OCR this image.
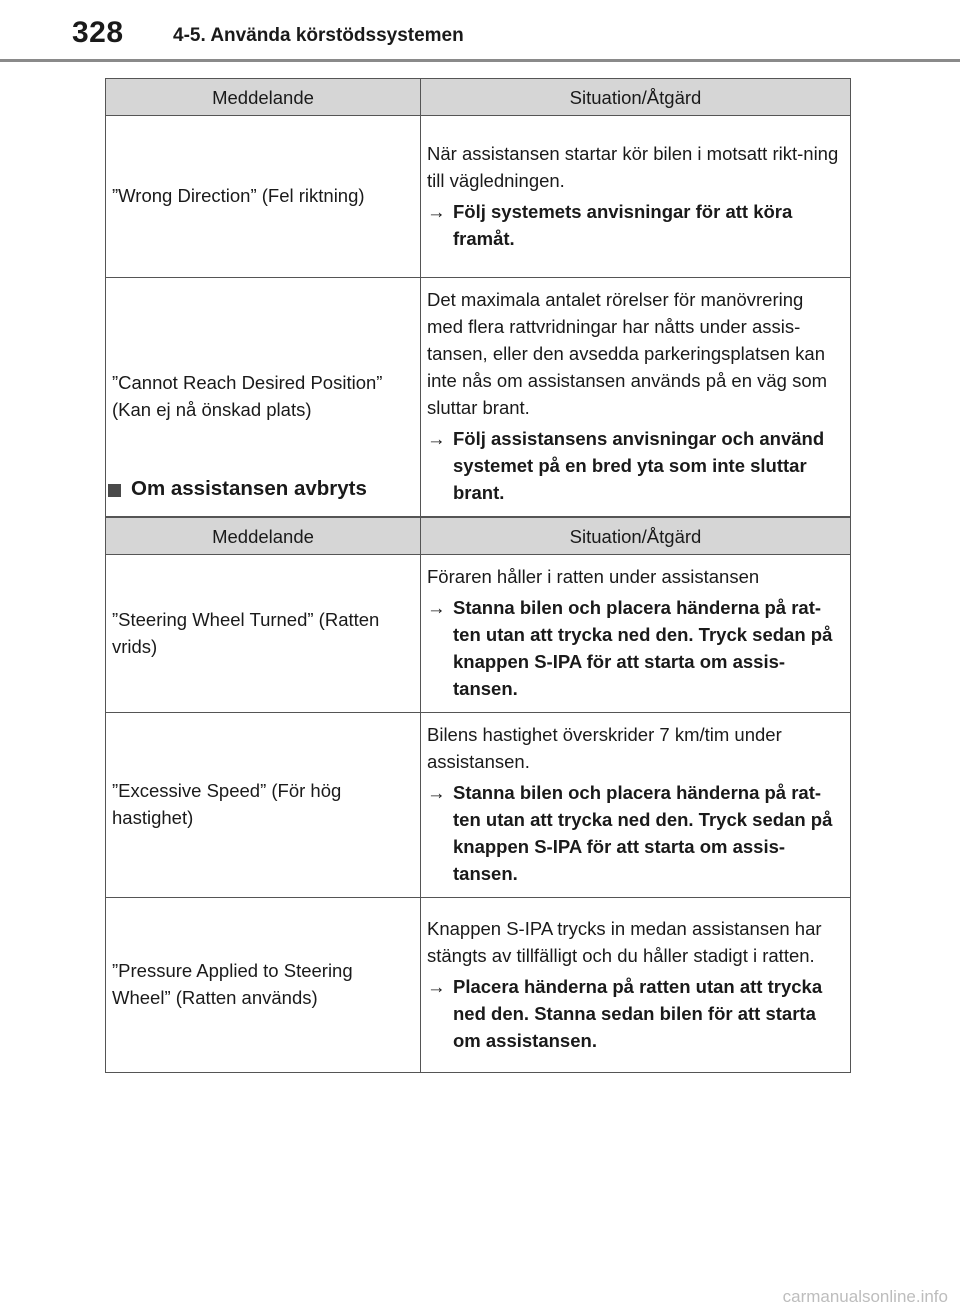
328	4-5. Använda körstödssystemen
Meddelande	Situation/Åtgärd
”Wrong Direction” (Fel riktning)	När assistansen startar kör bilen i motsatt rikt-ning till vägledningen.
→ Följ systemets anvisningar för att köra framåt.

”Cannot Reach Desired Position” (Kan ej nå önskad plats)	Det maximala antalet rörelser för manövrering med flera rattvridningar har nåtts under assis-tansen, eller den avsedda parkeringsplatsen kan inte nås om assistansen används på en väg som sluttar brant.
→ Följ assistansens anvisningar och använd systemet på en bred yta som inte sluttar brant.
Om assistansen avbryts
Meddelande	Situation/Åtgärd
”Steering Wheel Turned” (Ratten vrids)	Föraren håller i ratten under assistansen
→ Stanna bilen och placera händerna på rat-ten utan att trycka ned den. Tryck sedan på knappen S-IPA för att starta om assis-tansen.

”Excessive Speed” (För hög hastighet)	Bilens hastighet överskrider 7 km/tim under assistansen.
→ Stanna bilen och placera händerna på rat-ten utan att trycka ned den. Tryck sedan på knappen S-IPA för att starta om assis-tansen.

”Pressure Applied to Steering Wheel” (Ratten används)	Knappen S-IPA trycks in medan assistansen har stängts av tillfälligt och du håller stadigt i ratten.
→ Placera händerna på ratten utan att trycka ned den. Stanna sedan bilen för att starta om assistansen.
carmanualsonline.info
